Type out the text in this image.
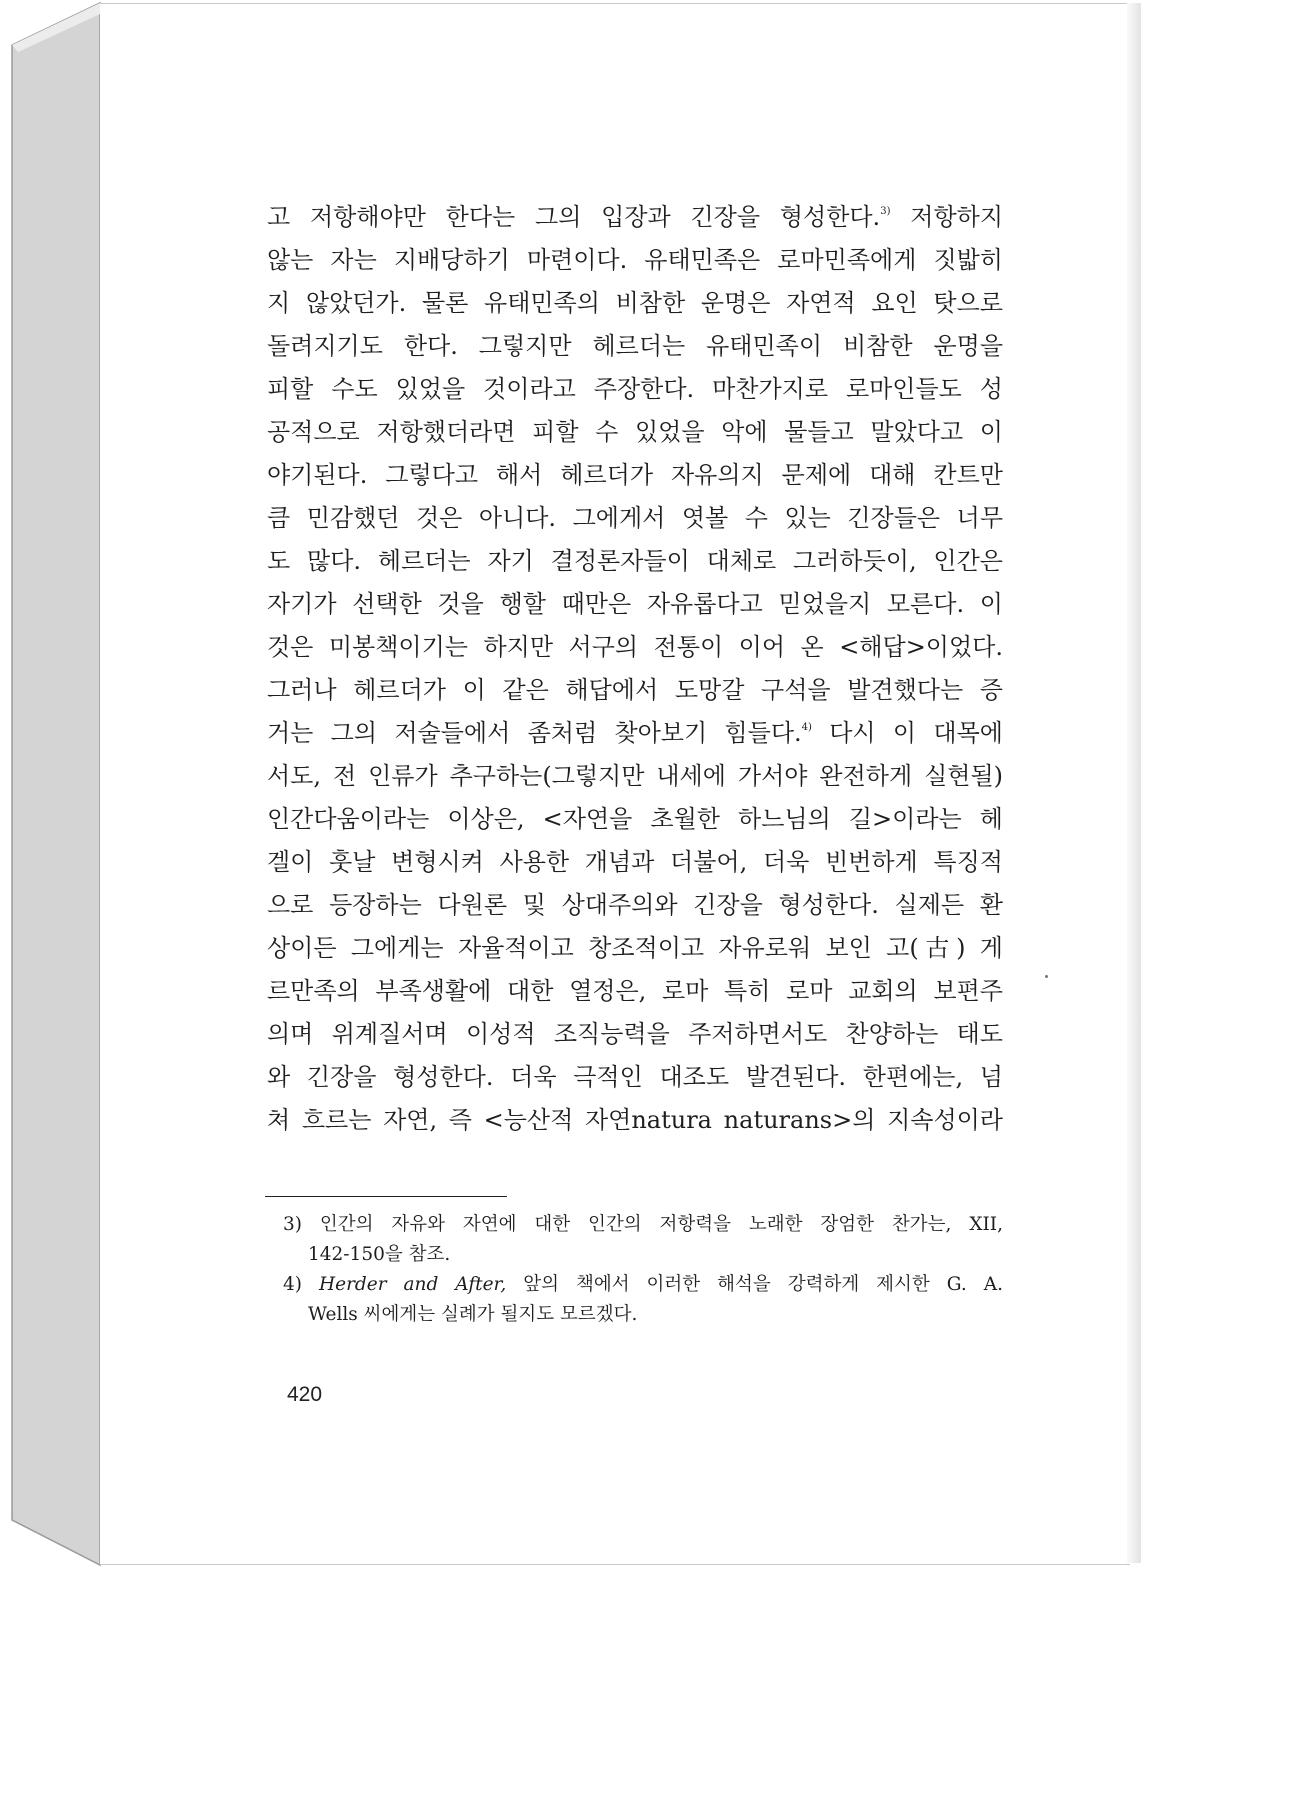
고 저항해야만 한다는 그의 입장과 긴장을 형성한다.$^{3)}$ 저항하지
않는 자는 지배당하기 마련이다. 유태민족은 로마민족에게 짓밟히
지 않았던가. 물론 유태민족의 비참한 운명은 자연적 요인 탓으로
돌려지기도 한다. 그렇지만 헤르더는 유태민족이 비참한 운명을
피할 수도 있었을 것이라고 주장한다. 마찬가지로 로마인들도 성
공적으로 저항했더라면 피할 수 있었을 악에 물들고 말았다고 이
야기된다. 그렇다고 해서 헤르더가 자유의지 문제에 대해 칸트만
큼 민감했던 것은 아니다. 그에게서 엿볼 수 있는 긴장들은 너무
도 많다. 헤르더는 자기 결정론자들이 대체로 그러하듯이, 인간은
자기가 선택한 것을 행할 때만은 자유롭다고 믿었을지 모른다. 이
것은 미봉책이기는 하지만 서구의 전통이 이어 온 <해답>이었다.
그러나 헤르더가 이 같은 해답에서 도망갈 구석을 발견했다는 증
거는 그의 저술들에서 좀처럼 찾아보기 힘들다.$^{4)}$ 다시 이 대목에
서도, 전 인류가 추구하는(그렇지만 내세에 가서야 완전하게 실현될)
인간다움이라는 이상은, <자연을 초월한 하느님의 길>이라는 헤
겔이 훗날 변형시켜 사용한 개념과 더불어, 더욱 빈번하게 특징적
으로 등장하는 다원론 및 상대주의와 긴장을 형성한다. 실제든 환
상이든 그에게는 자율적이고 창조적이고 자유로워 보인 고(古) 게
르만족의 부족생활에 대한 열정은, 로마 특히 로마 교회의 보편주
의며 위계질서며 이성적 조직능력을 주저하면서도 찬양하는 태도
와 긴장을 형성한다. 더욱 극적인 대조도 발견된다. 한편에는, 넘
쳐 흐르는 자연, 즉 <능산적 자연natura naturans>의 지속성이라
3) 인간의 자유와 자연에 대한 인간의 저항력을 노래한 장엄한 찬가는, XII,
142-150을 참조.
4) Herder and After, 앞의 책에서 이러한 해석을 강력하게 제시한 G. A.
Wells 씨에게는 실례가 될지도 모르겠다.
420
